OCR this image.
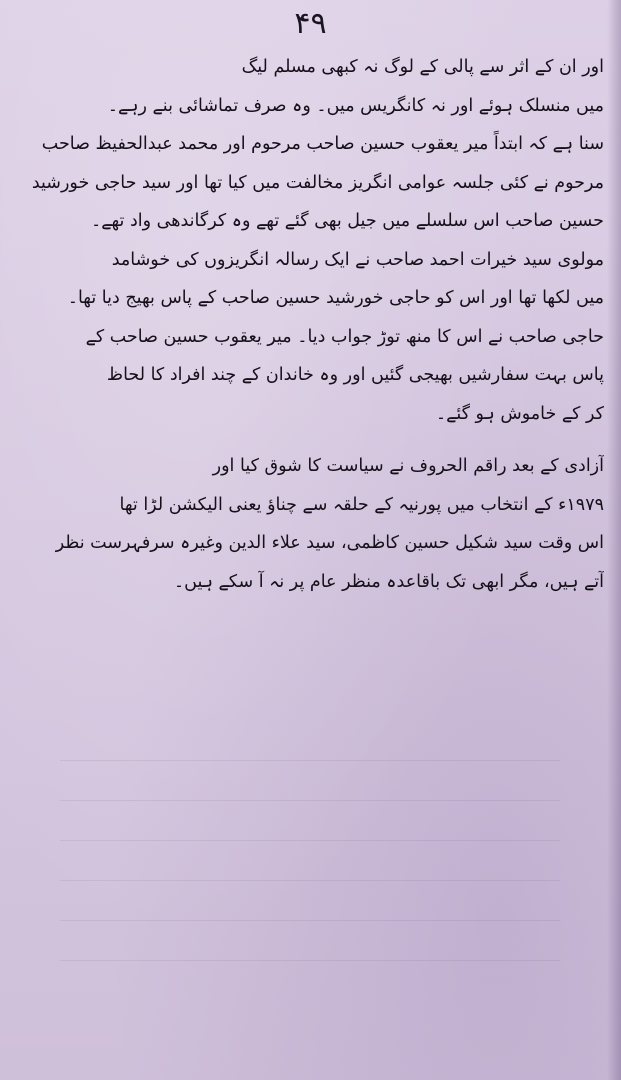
۴۹
اور ان کے اثر سے پالی کے لوگ نہ کبھی مسلم لیگ
میں منسلک ہوئے اور نہ کانگریس میں۔ وہ صرف تماشائی بنے رہے۔
سنا ہے کہ ابتداً میر یعقوب حسین صاحب مرحوم اور محمد عبدالحفیظ صاحب
مرحوم نے کئی جلسہ عوامی انگریز مخالفت میں کیا تھا اور سید حاجی خورشید
حسین صاحب اس سلسلے میں جیل بھی گئے تھے وہ کرگاندھی واد تھے۔
مولوی سید خیرات احمد صاحب نے ایک رسالہ انگریزوں کی خوشامد
میں لکھا تھا اور اس کو حاجی خورشید حسین صاحب کے پاس بھیج دیا تھا۔
حاجی صاحب نے اس کا منھ توڑ جواب دیا۔ میر یعقوب حسین صاحب کے
پاس بہت سفارشیں بھیجی گئیں اور وہ خاندان کے چند افراد کا لحاظ
کر کے خاموش ہو گئے۔
آزادی کے بعد راقم الحروف نے سیاست کا شوق کیا اور
۱۹۷۹ء کے انتخاب میں پورنیہ کے حلقہ سے چناؤ یعنی الیکشن لڑا تھا
اس وقت سید شکیل حسین کاظمی، سید علاء الدین وغیرہ سرفہرست نظر
آتے ہیں، مگر ابھی تک باقاعدہ منظر عام پر نہ آ سکے ہیں۔
